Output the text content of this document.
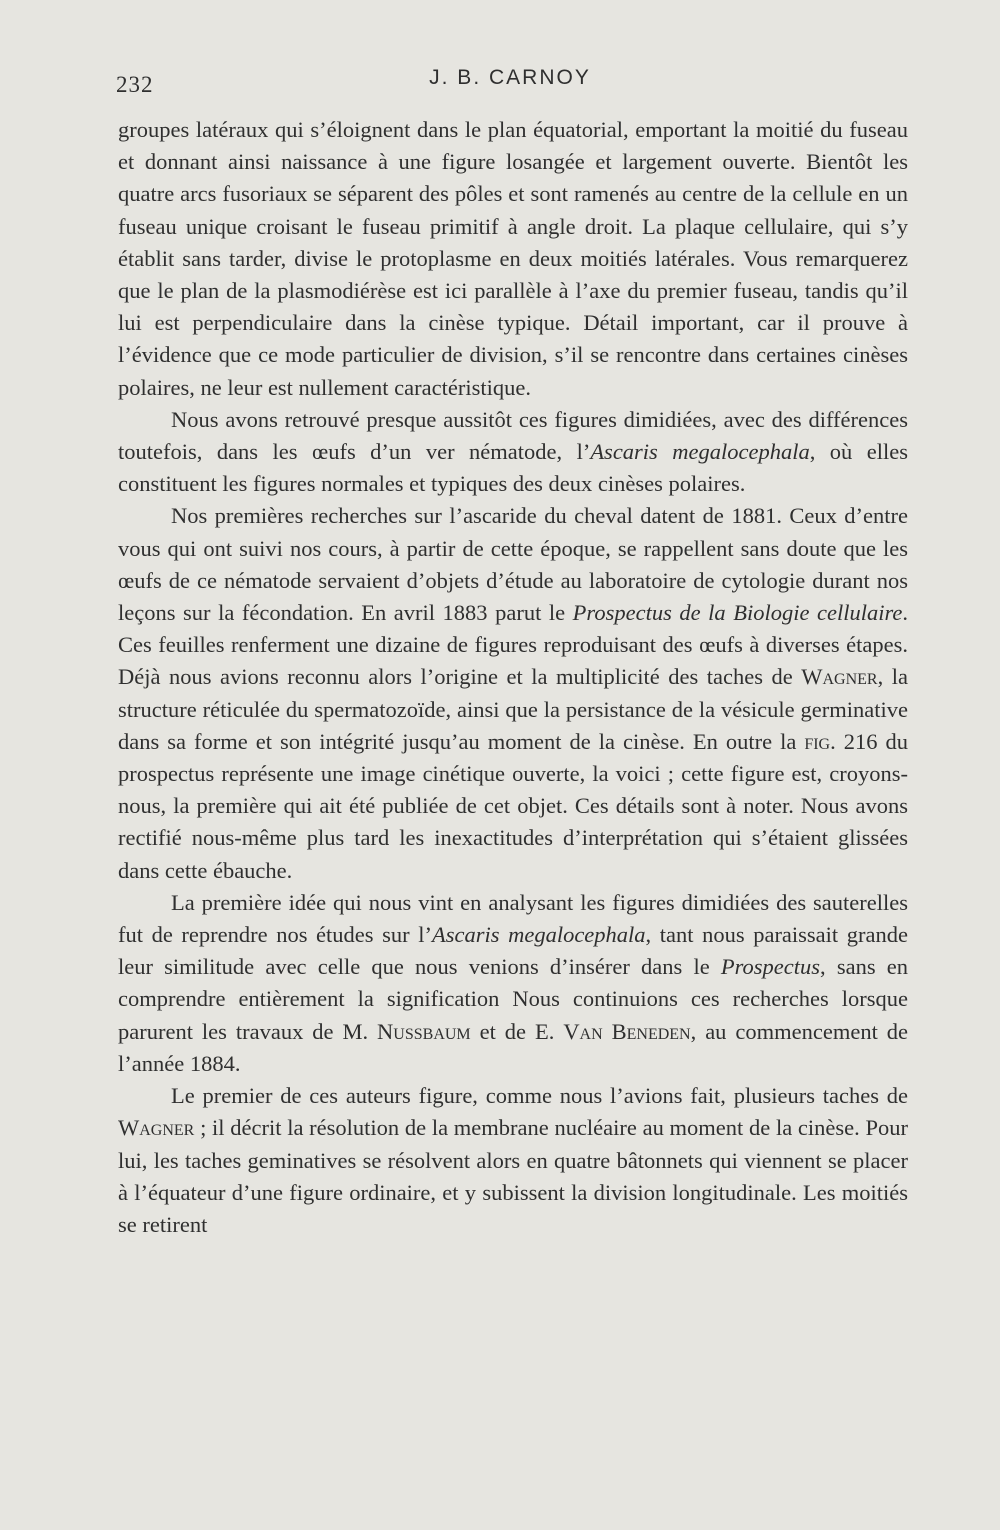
232	J. B. CARNOY

groupes latéraux qui s’éloignent dans le plan équatorial, emportant la moitié du fuseau et donnant ainsi naissance à une figure losangée et largement ouverte. Bientôt les quatre arcs fusoriaux se séparent des pôles et sont ramenés au centre de la cellule en un fuseau unique croisant le fuseau primitif à angle droit. La plaque cellulaire, qui s’y établit sans tarder, divise le protoplasme en deux moitiés latérales. Vous remarquerez que le plan de la plasmodiérèse est ici parallèle à l’axe du premier fuseau, tandis qu’il lui est perpendiculaire dans la cinèse typique. Détail important, car il prouve à l’évidence que ce mode particulier de division, s’il se rencontre dans certaines cinèses polaires, ne leur est nullement caractéristique.

Nous avons retrouvé presque aussitôt ces figures dimidiées, avec des différences toutefois, dans les œufs d’un ver nématode, l’Ascaris megalocephala, où elles constituent les figures normales et typiques des deux cinèses polaires.

Nos premières recherches sur l’ascaride du cheval datent de 1881. Ceux d’entre vous qui ont suivi nos cours, à partir de cette époque, se rappellent sans doute que les œufs de ce nématode servaient d’objets d’étude au laboratoire de cytologie durant nos leçons sur la fécondation. En avril 1883 parut le Prospectus de la Biologie cellulaire. Ces feuilles renferment une dizaine de figures reproduisant des œufs à diverses étapes. Déjà nous avions reconnu alors l’origine et la multiplicité des taches de Wagner, la structure réticulée du spermatozoïde, ainsi que la persistance de la vésicule germinative dans sa forme et son intégrité jusqu’au moment de la cinèse. En outre la fig. 216 du prospectus représente une image cinétique ouverte, la voici ; cette figure est, croyons-nous, la première qui ait été publiée de cet objet. Ces détails sont à noter. Nous avons rectifié nous-même plus tard les inexactitudes d’interprétation qui s’étaient glissées dans cette ébauche.

La première idée qui nous vint en analysant les figures dimidiées des sauterelles fut de reprendre nos études sur l’Ascaris megalocephala, tant nous paraissait grande leur similitude avec celle que nous venions d’insérer dans le Prospectus, sans en comprendre entièrement la signification Nous continuions ces recherches lorsque parurent les travaux de M. Nussbaum et de E. Van Beneden, au commencement de l’année 1884.

Le premier de ces auteurs figure, comme nous l’avions fait, plusieurs taches de Wagner ; il décrit la résolution de la membrane nucléaire au moment de la cinèse. Pour lui, les taches geminatives se résolvent alors en quatre bâtonnets qui viennent se placer à l’équateur d’une figure ordinaire, et y subissent la division longitudinale. Les moitiés se retirent
